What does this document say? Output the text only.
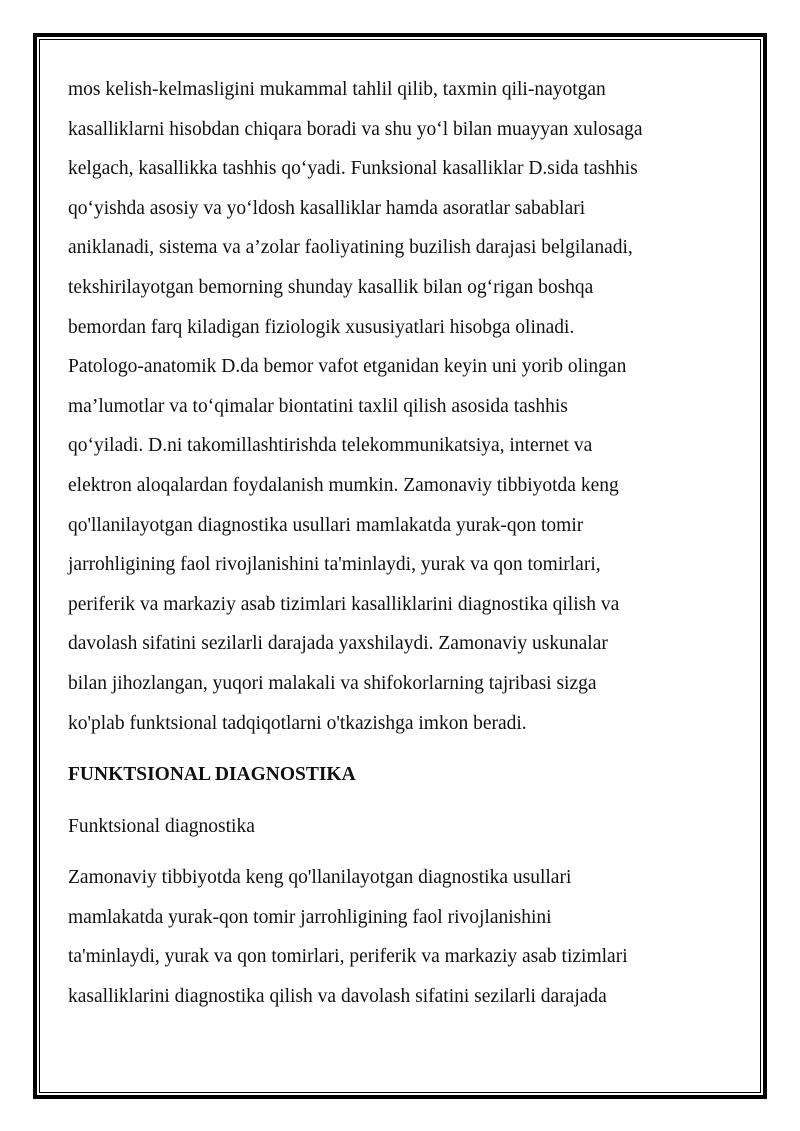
mos kelish-kelmasligini mukammal tahlil qilib, taxmin qili-nayotgan
kasalliklarni hisobdan chiqara boradi va shu yo‘l bilan muayyan xulosaga
kelgach, kasallikka tashhis qo‘yadi. Funksional kasalliklar D.sida tashhis
qo‘yishda asosiy va yo‘ldosh kasalliklar hamda asoratlar sabablari
aniklanadi, sistema va a’zolar faoliyatining buzilish darajasi belgilanadi,
tekshirilayotgan bemorning shunday kasallik bilan og‘rigan boshqa
bemordan farq kiladigan fiziologik xususiyatlari hisobga olinadi.
Patologo-anatomik D.da bemor vafot etganidan keyin uni yorib olingan
ma’lumotlar va to‘qimalar biontatini taxlil qilish asosida tashhis
qo‘yiladi. D.ni takomillashtirishda telekommunikatsiya, internet va
elektron aloqalardan foydalanish mumkin. Zamonaviy tibbiyotda keng
qo'llanilayotgan diagnostika usullari mamlakatda yurak-qon tomir
jarrohligining faol rivojlanishini ta'minlaydi, yurak va qon tomirlari,
periferik va markaziy asab tizimlari kasalliklarini diagnostika qilish va
davolash sifatini sezilarli darajada yaxshilaydi. Zamonaviy uskunalar
bilan jihozlangan, yuqori malakali va shifokorlarning tajribasi sizga
ko'plab funktsional tadqiqotlarni o'tkazishga imkon beradi.

FUNKTSIONAL DIAGNOSTIKA

Funktsional diagnostika

Zamonaviy tibbiyotda keng qo'llanilayotgan diagnostika usullari
mamlakatda yurak-qon tomir jarrohligining faol rivojlanishini
ta'minlaydi, yurak va qon tomirlari, periferik va markaziy asab tizimlari
kasalliklarini diagnostika qilish va davolash sifatini sezilarli darajada
